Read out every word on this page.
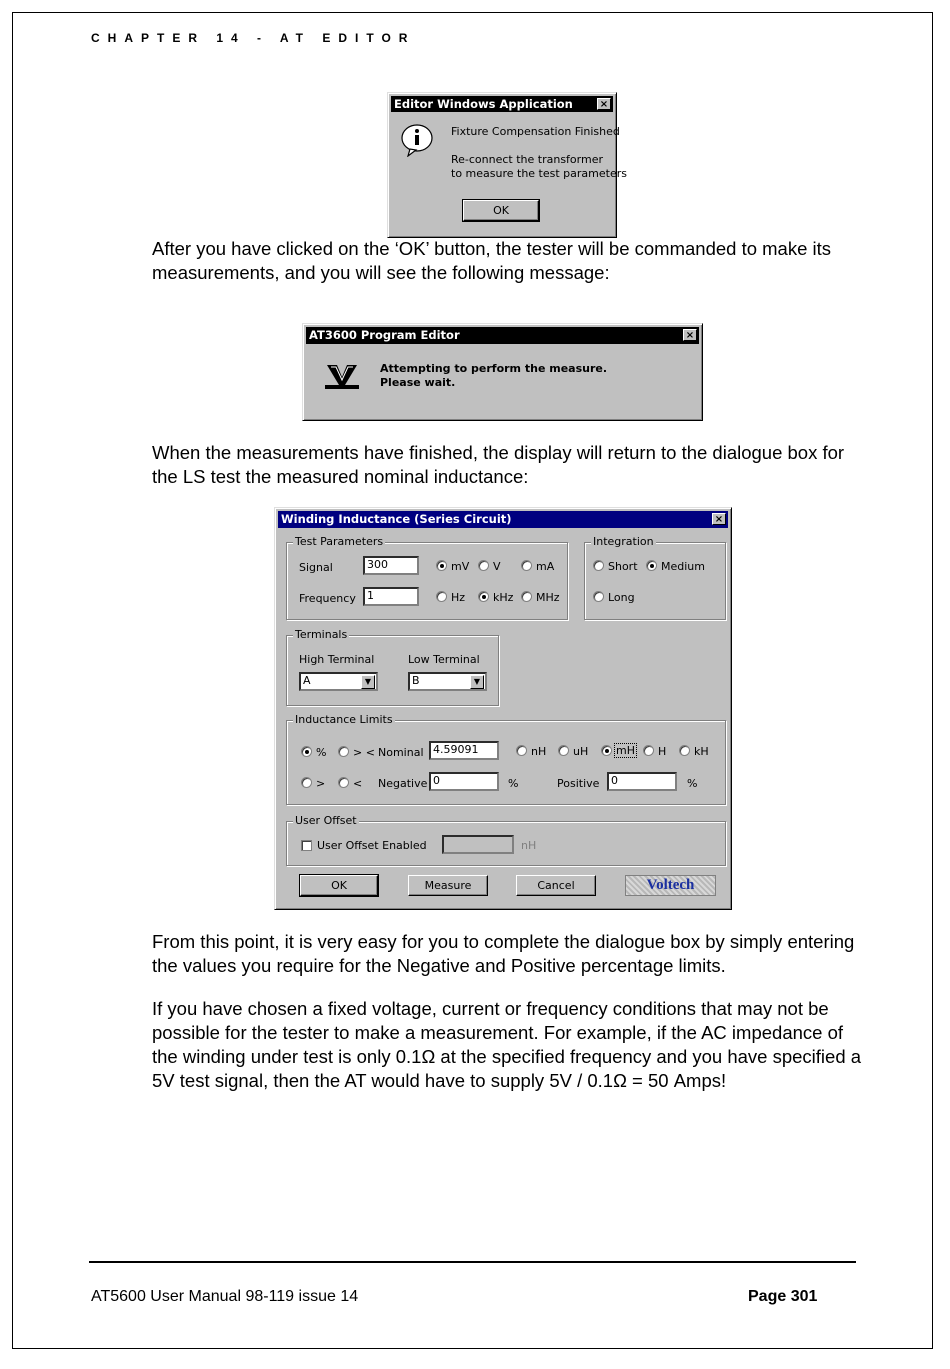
CHAPTER 14 - AT EDITOR
Editor Windows Application	×
Fixture Compensation Finished
Re-connect the transformer
to measure the test parameters
OK
After you have clicked on the ‘OK’ button, the tester will be commanded to make its measurements, and you will see the following message:
AT3600 Program Editor	×
Attempting to perform the measure.
Please wait.
When the measurements have finished, the display will return to the dialogue box for the LS test the measured nominal inductance:
Winding Inductance (Series Circuit)	×
Test Parameters
Signal	300	mV V	mA
Frequency	1	Hz	kHz MHz
Integration
Short Medium
Long
Terminals
High Terminal
A	▼
Low Terminal
B	▼
Inductance Limits
% > < Nominal 4.59091	nH uH	mH H	kH
>	< Negative 0	%	Positive	0	%
User Offset
User Offset Enabled	nH
OK	Measure	Cancel	Voltech
From this point, it is very easy for you to complete the dialogue box by simply entering the values you require for the Negative and Positive percentage limits.
If you have chosen a fixed voltage, current or frequency conditions that may not be possible for the tester to make a measurement. For example, if the AC impedance of the winding under test is only 0.1Ω at the specified frequency and you have specified a 5V test signal, then the AT would have to supply 5V / 0.1Ω = 50 Amps!
AT5600 User Manual 98-119 issue 14	Page 301
